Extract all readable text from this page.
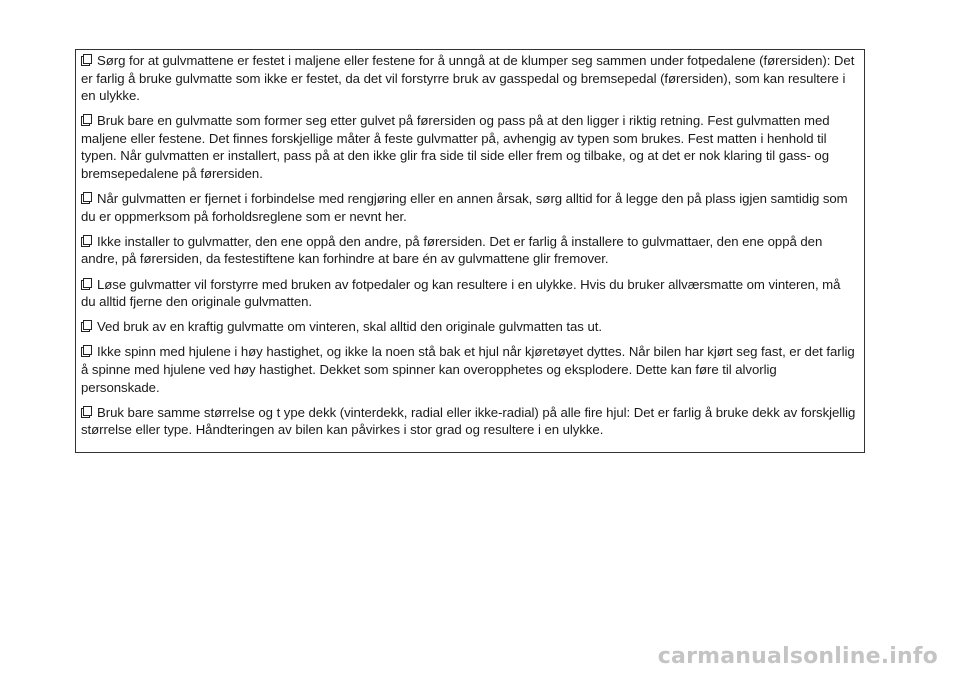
Sørg for at gulvmattene er festet i maljene eller festene for å unngå at de klumper seg sammen under fotpedalene (førersiden): Det er farlig å bruke gulvmatte som ikke er festet, da det vil forstyrre bruk av gasspedal og bremsepedal (førersiden), som kan resultere i en ulykke.

Bruk bare en gulvmatte som former seg etter gulvet på førersiden og pass på at den ligger i riktig retning. Fest gulvmatten med maljene eller festene. Det finnes forskjellige måter å feste gulvmatter på, avhengig av typen som brukes. Fest matten i henhold til typen. Når gulvmatten er installert, pass på at den ikke glir fra side til side eller frem og tilbake, og at det er nok klaring til gass- og bremsepedalene på førersiden.

Når gulvmatten er fjernet i forbindelse med rengjøring eller en annen årsak, sørg alltid for å legge den på plass igjen samtidig som du er oppmerksom på forholdsreglene som er nevnt her.

Ikke installer to gulvmatter, den ene oppå den andre, på førersiden. Det er farlig å installere to gulvmattaer, den ene oppå den andre, på førersiden, da festestiftene kan forhindre at bare én av gulvmattene glir fremover.

Løse gulvmatter vil forstyrre med bruken av fotpedaler og kan resultere i en ulykke. Hvis du bruker allværsmatte om vinteren, må du alltid fjerne den originale gulvmatten.

Ved bruk av en kraftig gulvmatte om vinteren, skal alltid den originale gulvmatten tas ut.

Ikke spinn med hjulene i høy hastighet, og ikke la noen stå bak et hjul når kjøretøyet dyttes. Når bilen har kjørt seg fast, er det farlig å spinne med hjulene ved høy hastighet. Dekket som spinner kan overopphetes og eksplodere. Dette kan føre til alvorlig personskade.

Bruk bare samme størrelse og t ype dekk (vinterdekk, radial eller ikke-radial) på alle fire hjul: Det er farlig å bruke dekk av forskjellig størrelse eller type. Håndteringen av bilen kan påvirkes i stor grad og resultere i en ulykke.

carmanualsonline.info
